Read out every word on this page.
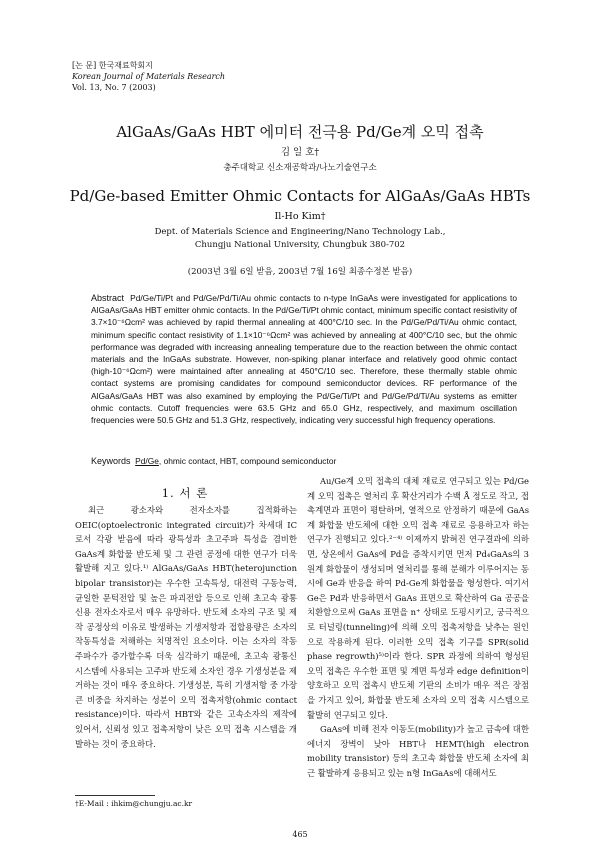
[논 문] 한국재료학회지
Korean Journal of Materials Research
Vol. 13, No. 7 (2003)
AlGaAs/GaAs HBT 에미터 전극용 Pd/Ge계 오믹 접촉
김 일 호†
충주대학교 신소재공학과/나노기술연구소
Pd/Ge-based Emitter Ohmic Contacts for AlGaAs/GaAs HBTs
Il-Ho Kim†
Dept. of Materials Science and Engineering/Nano Technology Lab.,
Chungju National University, Chungbuk 380-702
(2003년 3월 6일 받음, 2003년 7월 16일 최종수정본 받음)
Abstract Pd/Ge/Ti/Pt and Pd/Ge/Pd/Ti/Au ohmic contacts to n-type InGaAs were investigated for applications to AlGaAs/GaAs HBT emitter ohmic contacts. In the Pd/Ge/Ti/Pt ohmic contact, minimum specific contact resistivity of 3.7×10⁻⁶Ωcm² was achieved by rapid thermal annealing at 400°C/10 sec. In the Pd/Ge/Pd/Ti/Au ohmic contact, minimum specific contact resistivity of 1.1×10⁻⁶Ωcm² was achieved by annealing at 400°C/10 sec, but the ohmic performance was degraded with increasing annealing temperature due to the reaction between the ohmic contact materials and the InGaAs substrate. However, non-spiking planar interface and relatively good ohmic contact (high-10⁻⁶Ωcm²) were maintained after annealing at 450°C/10 sec. Therefore, these thermally stable ohmic contact systems are promising candidates for compound semiconductor devices. RF performance of the AlGaAs/GaAs HBT was also examined by employing the Pd/Ge/Ti/Pt and Pd/Ge/Pd/Ti/Au systems as emitter ohmic contacts. Cutoff frequencies were 63.5 GHz and 65.0 GHz, respectively, and maximum oscillation frequencies were 50.5 GHz and 51.3 GHz, respectively, indicating very successful high frequency operations.
Keywords Pd/Ge, ohmic contact, HBT, compound semiconductor
1. 서 론

최근 광소자와 전자소자를 집적화하는 OEIC(optoelectronic integrated circuit)가 차세대 IC로서 각광 받음에 따라 광특성과 초고주파 특성을 겸비한 GaAs계 화합물 반도체 및 그 관련 공정에 대한 연구가 더욱 활발해 지고 있다.¹⁾ AlGaAs/GaAs HBT(heterojunction bipolar transistor)는 우수한 고속특성, 대전력 구동능력, 균일한 문턱전압 및 높은 파괴전압 등으로 인해 초고속 광통신용 전자소자로서 매우 유망하다. 반도체 소자의 구조 및 제작 공정상의 이유로 발생하는 기생저항과 접합용량은 소자의 작동특성을 저해하는 치명적인 요소이다. 이는 소자의 작동 주파수가 증가할수록 더욱 심각하기 때문에, 초고속 광통신 시스템에 사용되는 고주파 반도체 소자인 경우 기생성분을 제거하는 것이 매우 중요하다. 기생성분, 특히 기생저항 중 가장 큰 비중을 차지하는 성분이 오믹 접촉저항(ohmic contact resistance)이다. 따라서 HBT와 같은 고속소자의 제작에 있어서, 신뢰성 있고 접촉저항이 낮은 오믹 접촉 시스템을 개발하는 것이 중요하다.

Au/Ge계 오믹 접촉의 대체 재료로 연구되고 있는 Pd/Ge계 오믹 접촉은 열처리 후 확산거리가 수백 Å 정도로 작고, 접촉계면과 표면이 평탄하며, 열적으로 안정하기 때문에 GaAs계 화합물 반도체에 대한 오믹 접촉 재료로 응용하고자 하는 연구가 진행되고 있다.²⁻⁴⁾ 이제까지 밝혀진 연구결과에 의하면, 상온에서 GaAs에 Pd을 증착시키면 먼저 Pd₄GaAs의 3원계 화합물이 생성되며 열처리를 통해 분해가 이루어지는 동시에 Ge과 반응을 하여 Pd-Ge계 화합물을 형성한다. 여기서 Ge은 Pd과 반응하면서 GaAs 표면으로 확산하여 Ga 공공을 치환함으로써 GaAs 표면을 n⁺ 상태로 도핑시키고, 궁극적으로 터널링(tunneling)에 의해 오믹 접촉저항을 낮추는 원인으로 작용하게 된다. 이러한 오믹 접촉 기구를 SPR(solid phase regrowth)⁵⁾이라 한다. SPR 과정에 의하여 형성된 오믹 접촉은 우수한 표면 및 계면 특성과 edge definition이 양호하고 오믹 접촉시 반도체 기판의 소비가 매우 적은 장점을 가지고 있어, 화합물 반도체 소자의 오믹 접촉 시스템으로 활발히 연구되고 있다.

GaAs에 비해 전자 이동도(mobility)가 높고 금속에 대한 에너지 장벽이 낮아 HBT나 HEMT(high electron mobility transistor) 등의 초고속 화합물 반도체 소자에 최근 활발하게 응용되고 있는 n형 InGaAs에 대해서도

†E-Mail : ihkim@chungju.ac.kr
465
